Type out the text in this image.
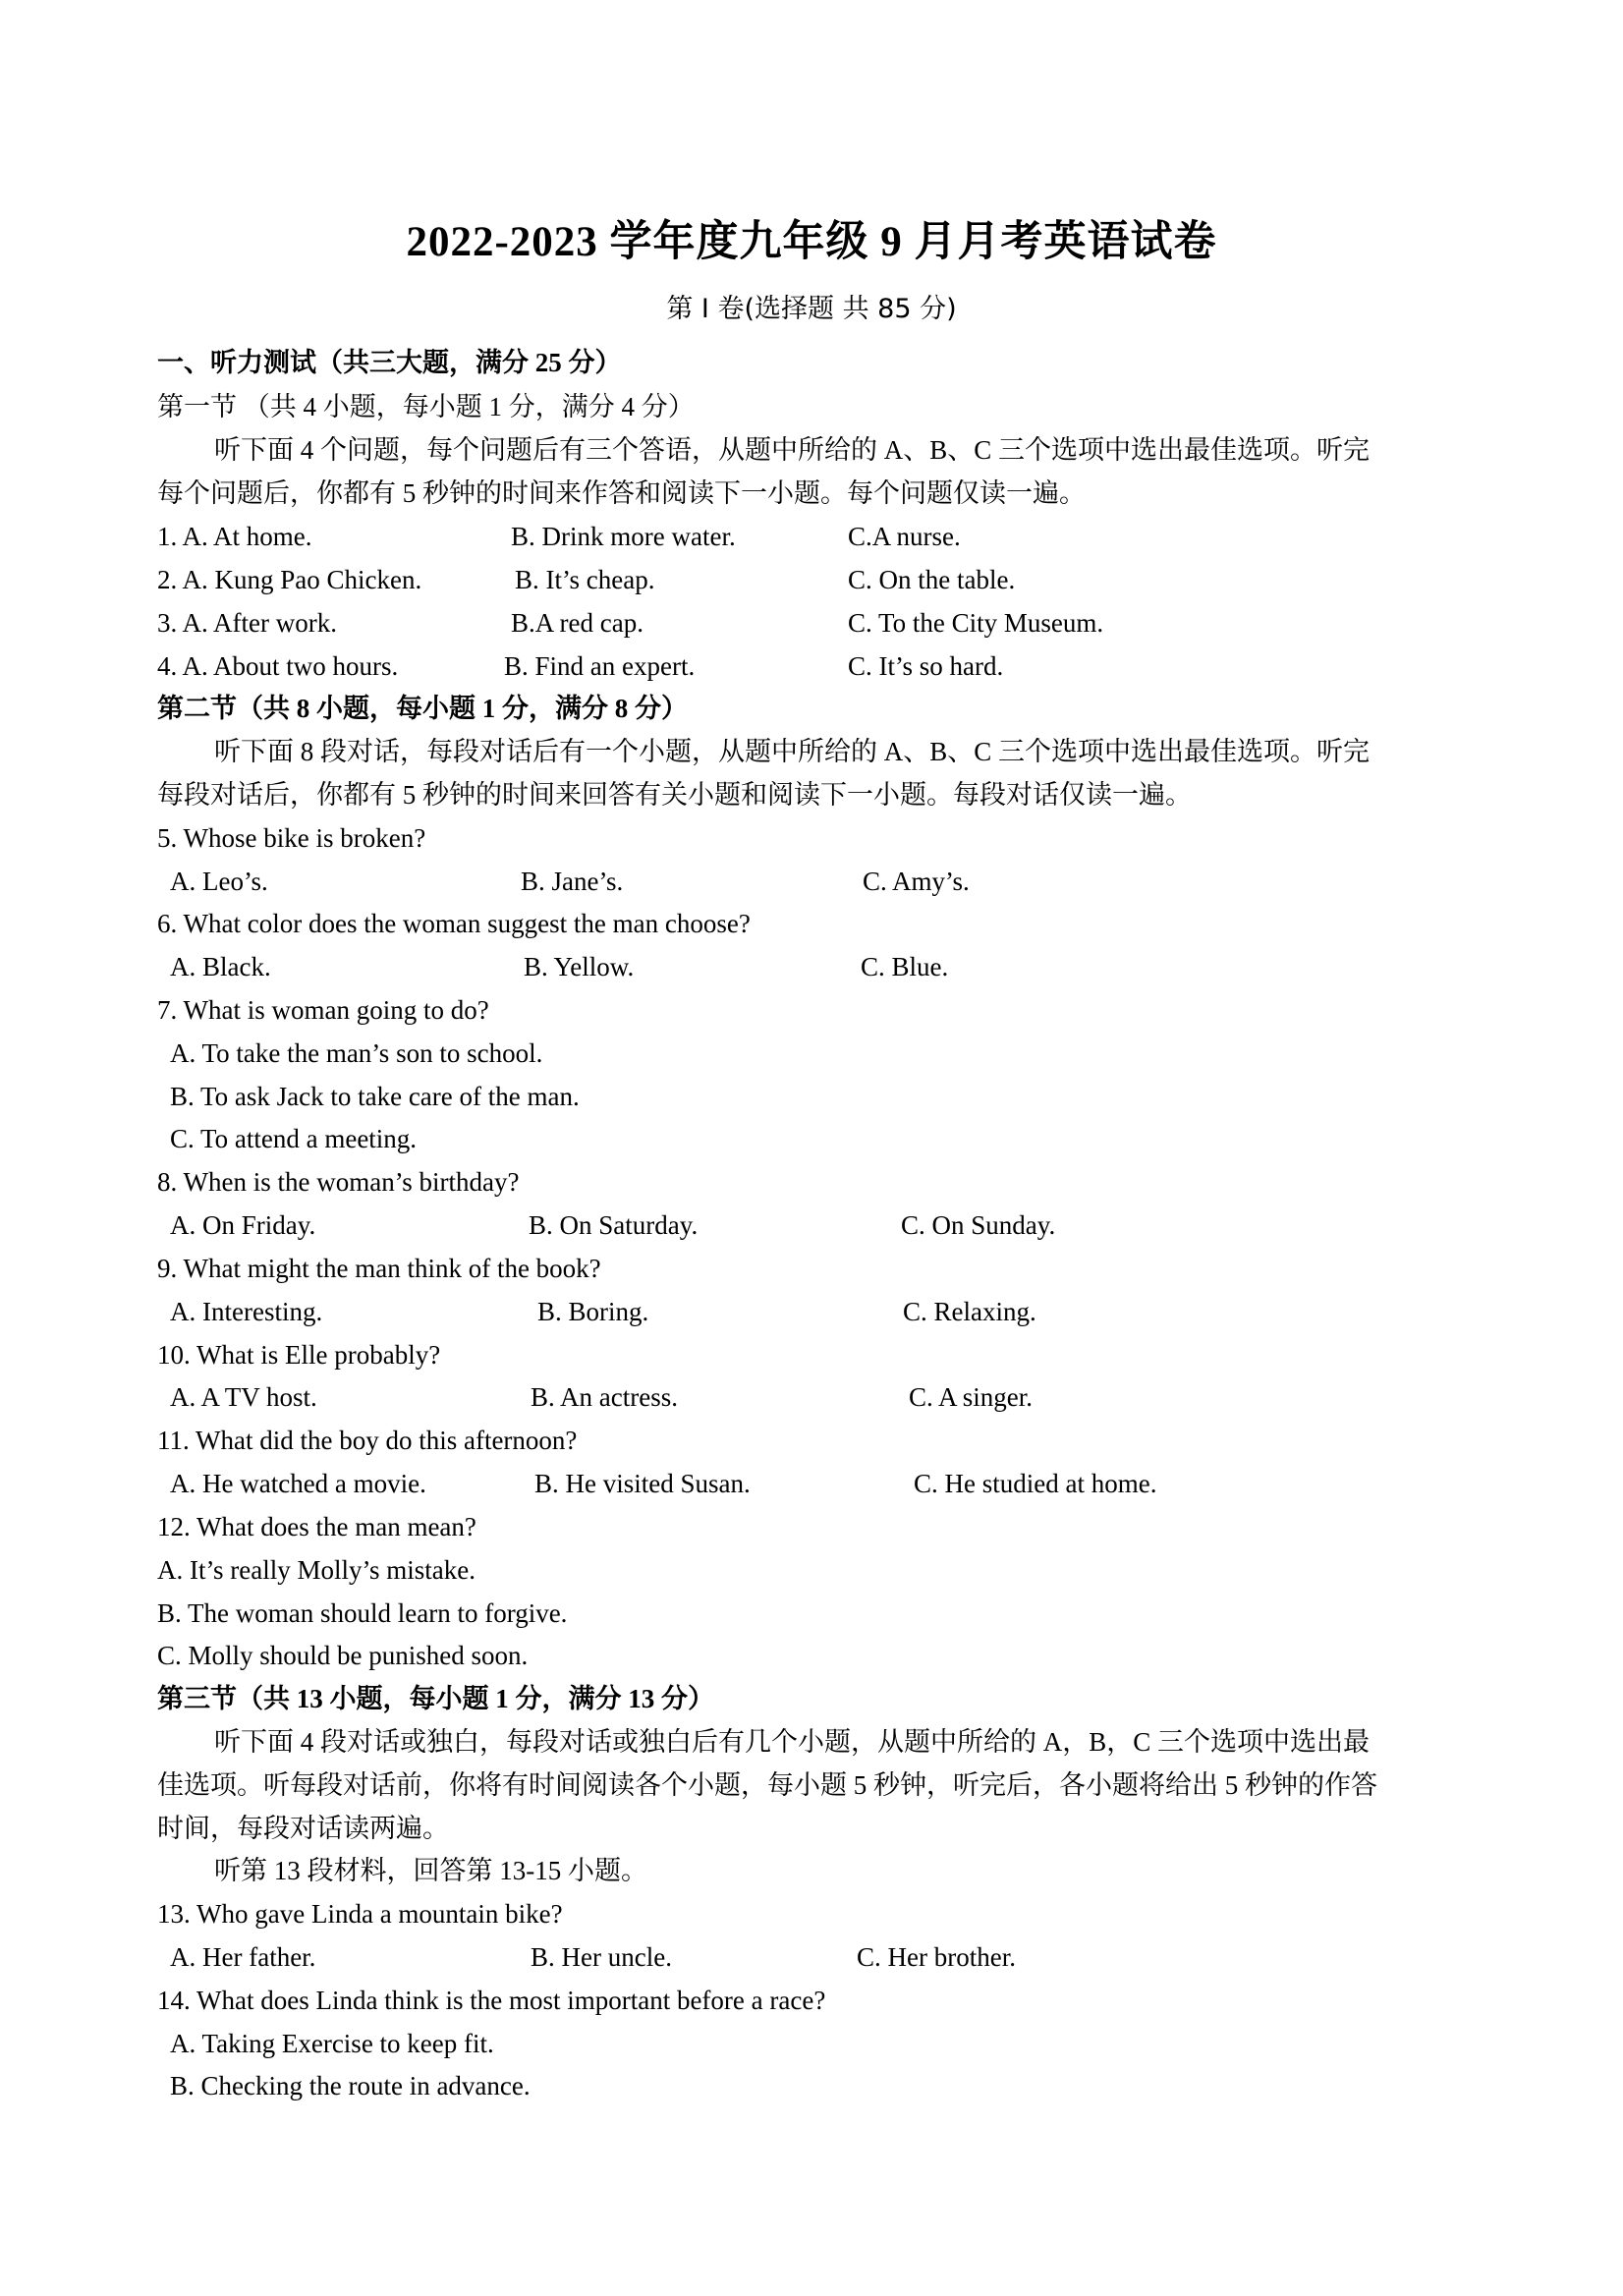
2022-2023 学年度九年级 9 月月考英语试卷
第 I 卷(选择题 共 85 分)
一、听力测试（共三大题，满分 25 分）
第一节 （共 4 小题，每小题 1 分，满分 4 分）
听下面 4 个问题，每个问题后有三个答语，从题中所给的 A、B、C 三个选项中选出最佳选项。听完
每个问题后，你都有 5 秒钟的时间来作答和阅读下一小题。每个问题仅读一遍。
1. A. At home.	B. Drink more water.	C.A nurse.
2. A. Kung Pao Chicken.	B. It’s cheap.	C. On the table.
3. A. After work.	B.A red cap.	C. To the City Museum.
4. A. About two hours.	B. Find an expert.	C. It’s so hard.
第二节（共 8 小题，每小题 1 分，满分 8 分）
听下面 8 段对话，每段对话后有一个小题，从题中所给的 A、B、C 三个选项中选出最佳选项。听完
每段对话后，你都有 5 秒钟的时间来回答有关小题和阅读下一小题。每段对话仅读一遍。
5. Whose bike is broken?
A. Leo’s.	B. Jane’s.	C. Amy’s.
6. What color does the woman suggest the man choose?
A. Black.	B. Yellow.	C. Blue.
7. What is woman going to do?
A. To take the man’s son to school.
B. To ask Jack to take care of the man.
C. To attend a meeting.
8. When is the woman’s birthday?
A. On Friday.	B. On Saturday.	C. On Sunday.
9. What might the man think of the book?
A. Interesting.	B. Boring.	C. Relaxing.
10. What is Elle probably?
A. A TV host.	B. An actress.	C. A singer.
11. What did the boy do this afternoon?
A. He watched a movie.	B. He visited Susan.	C. He studied at home.
12. What does the man mean?
A. It’s really Molly’s mistake.
B. The woman should learn to forgive.
C. Molly should be punished soon.
第三节（共 13 小题，每小题 1 分，满分 13 分）
听下面 4 段对话或独白，每段对话或独白后有几个小题，从题中所给的 A，B，C 三个选项中选出最
佳选项。听每段对话前，你将有时间阅读各个小题，每小题 5 秒钟，听完后，各小题将给出 5 秒钟的作答
时间，每段对话读两遍。
听第 13 段材料，回答第 13-15 小题。
13. Who gave Linda a mountain bike?
A. Her father.	B. Her uncle.	C. Her brother.
14. What does Linda think is the most important before a race?
A. Taking Exercise to keep fit.
B. Checking the route in advance.
